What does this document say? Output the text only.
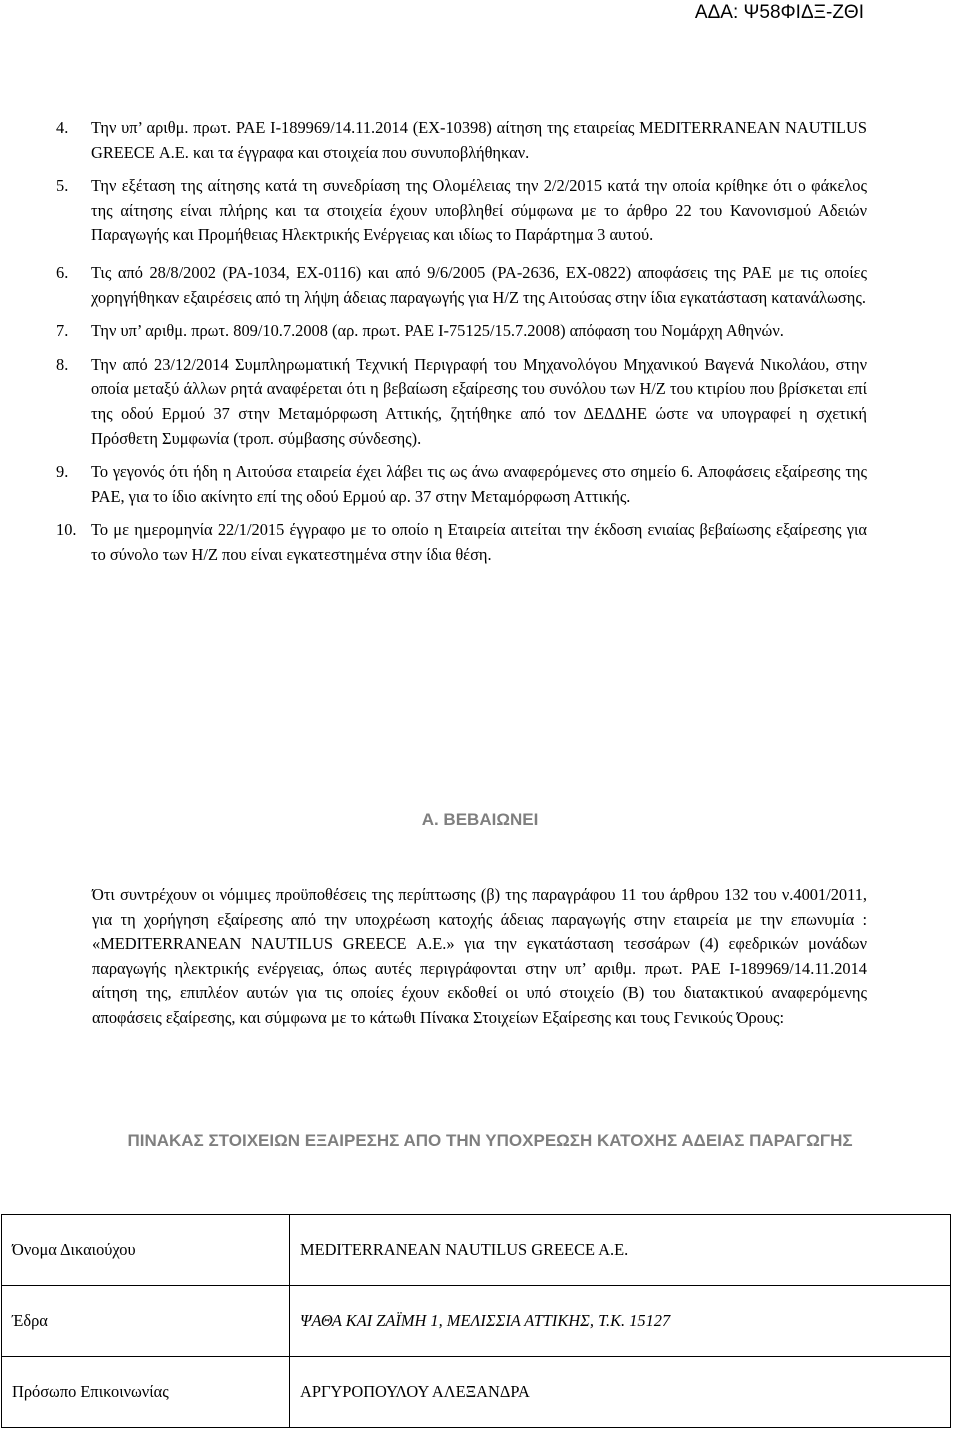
ΑΔΑ: Ψ58ΦΙΔΞ-ΖΘΙ
4.	Την υπ’ αριθμ. πρωτ. ΡΑΕ Ι-189969/14.11.2014 (ΕΧ-10398) αίτηση της εταιρείας MEDITERRANEAN NAUTILUS GREECE Α.Ε. και τα έγγραφα και στοιχεία που συνυποβλήθηκαν.
5.	Την εξέταση της αίτησης κατά τη συνεδρίαση της Ολομέλειας την 2/2/2015 κατά την οποία κρίθηκε ότι ο φάκελος της αίτησης είναι πλήρης και τα στοιχεία έχουν υποβληθεί σύμφωνα με το άρθρο 22 του Κανονισμού Αδειών Παραγωγής και Προμήθειας Ηλεκτρικής Ενέργειας και ιδίως το Παράρτημα 3 αυτού.
6.	Τις από 28/8/2002 (ΡΑ-1034, ΕΧ-0116) και από 9/6/2005 (ΡΑ-2636, ΕΧ-0822) αποφάσεις της ΡΑΕ με τις οποίες χορηγήθηκαν εξαιρέσεις από τη λήψη άδειας παραγωγής για Η/Ζ της Αιτούσας στην ίδια εγκατάσταση κατανάλωσης.
7.	Την υπ’ αριθμ. πρωτ. 809/10.7.2008 (αρ. πρωτ. ΡΑΕ Ι-75125/15.7.2008) απόφαση του Νομάρχη Αθηνών.
8.	Την από 23/12/2014 Συμπληρωματική Τεχνική Περιγραφή του Μηχανολόγου Μηχανικού Βαγενά Νικολάου, στην οποία μεταξύ άλλων ρητά αναφέρεται ότι η βεβαίωση εξαίρεσης του συνόλου των Η/Ζ του κτιρίου που βρίσκεται επί της οδού Ερμού 37 στην Μεταμόρφωση Αττικής, ζητήθηκε από τον ΔΕΔΔΗΕ ώστε να υπογραφεί η σχετική Πρόσθετη Συμφωνία (τροπ. σύμβασης σύνδεσης).
9.	Το γεγονός ότι ήδη η Αιτούσα εταιρεία έχει λάβει τις ως άνω αναφερόμενες στο σημείο 6. Αποφάσεις εξαίρεσης της ΡΑΕ, για το ίδιο ακίνητο επί της οδού Ερμού αρ. 37 στην Μεταμόρφωση Αττικής.
10. Το με ημερομηνία 22/1/2015 έγγραφο με το οποίο η Εταιρεία αιτείται την έκδοση ενιαίας βεβαίωσης εξαίρεσης για το σύνολο των Η/Ζ που είναι εγκατεστημένα στην ίδια θέση.
Α. ΒΕΒΑΙΩΝΕΙ
Ότι συντρέχουν οι νόμιμες προϋποθέσεις της περίπτωσης (β) της παραγράφου 11 του άρθρου 132 του ν.4001/2011, για τη χορήγηση εξαίρεσης από την υποχρέωση κατοχής άδειας παραγωγής στην εταιρεία με την επωνυμία : «MEDITERRANEAN NAUTILUS GREECE Α.Ε.» για την εγκατάσταση τεσσάρων (4) εφεδρικών μονάδων παραγωγής ηλεκτρικής ενέργειας, όπως αυτές περιγράφονται στην υπ’ αριθμ. πρωτ. ΡΑΕ Ι-189969/14.11.2014 αίτηση της, επιπλέον αυτών για τις οποίες έχουν εκδοθεί οι υπό στοιχείο (Β) του διατακτικού αναφερόμενης αποφάσεις εξαίρεσης, και σύμφωνα με το κάτωθι Πίνακα Στοιχείων Εξαίρεσης και τους Γενικούς Όρους:
ΠΙΝΑΚΑΣ ΣΤΟΙΧΕΙΩΝ ΕΞΑΙΡΕΣΗΣ ΑΠΟ ΤΗΝ ΥΠΟΧΡΕΩΣΗ ΚΑΤΟΧΗΣ ΑΔΕΙΑΣ ΠΑΡΑΓΩΓΗΣ
Όνομα Δικαιούχου	MEDITERRANEAN NAUTILUS GREECE A.E.
Έδρα	ΨΑΘΑ ΚΑΙ ΖΑΪΜΗ 1, ΜΕΛΙΣΣΙΑ ΑΤΤΙΚΗΣ, Τ.Κ. 15127
Πρόσωπο Επικοινωνίας	ΑΡΓΥΡΟΠΟΥΛΟΥ ΑΛΕΞΑΝΔΡΑ
